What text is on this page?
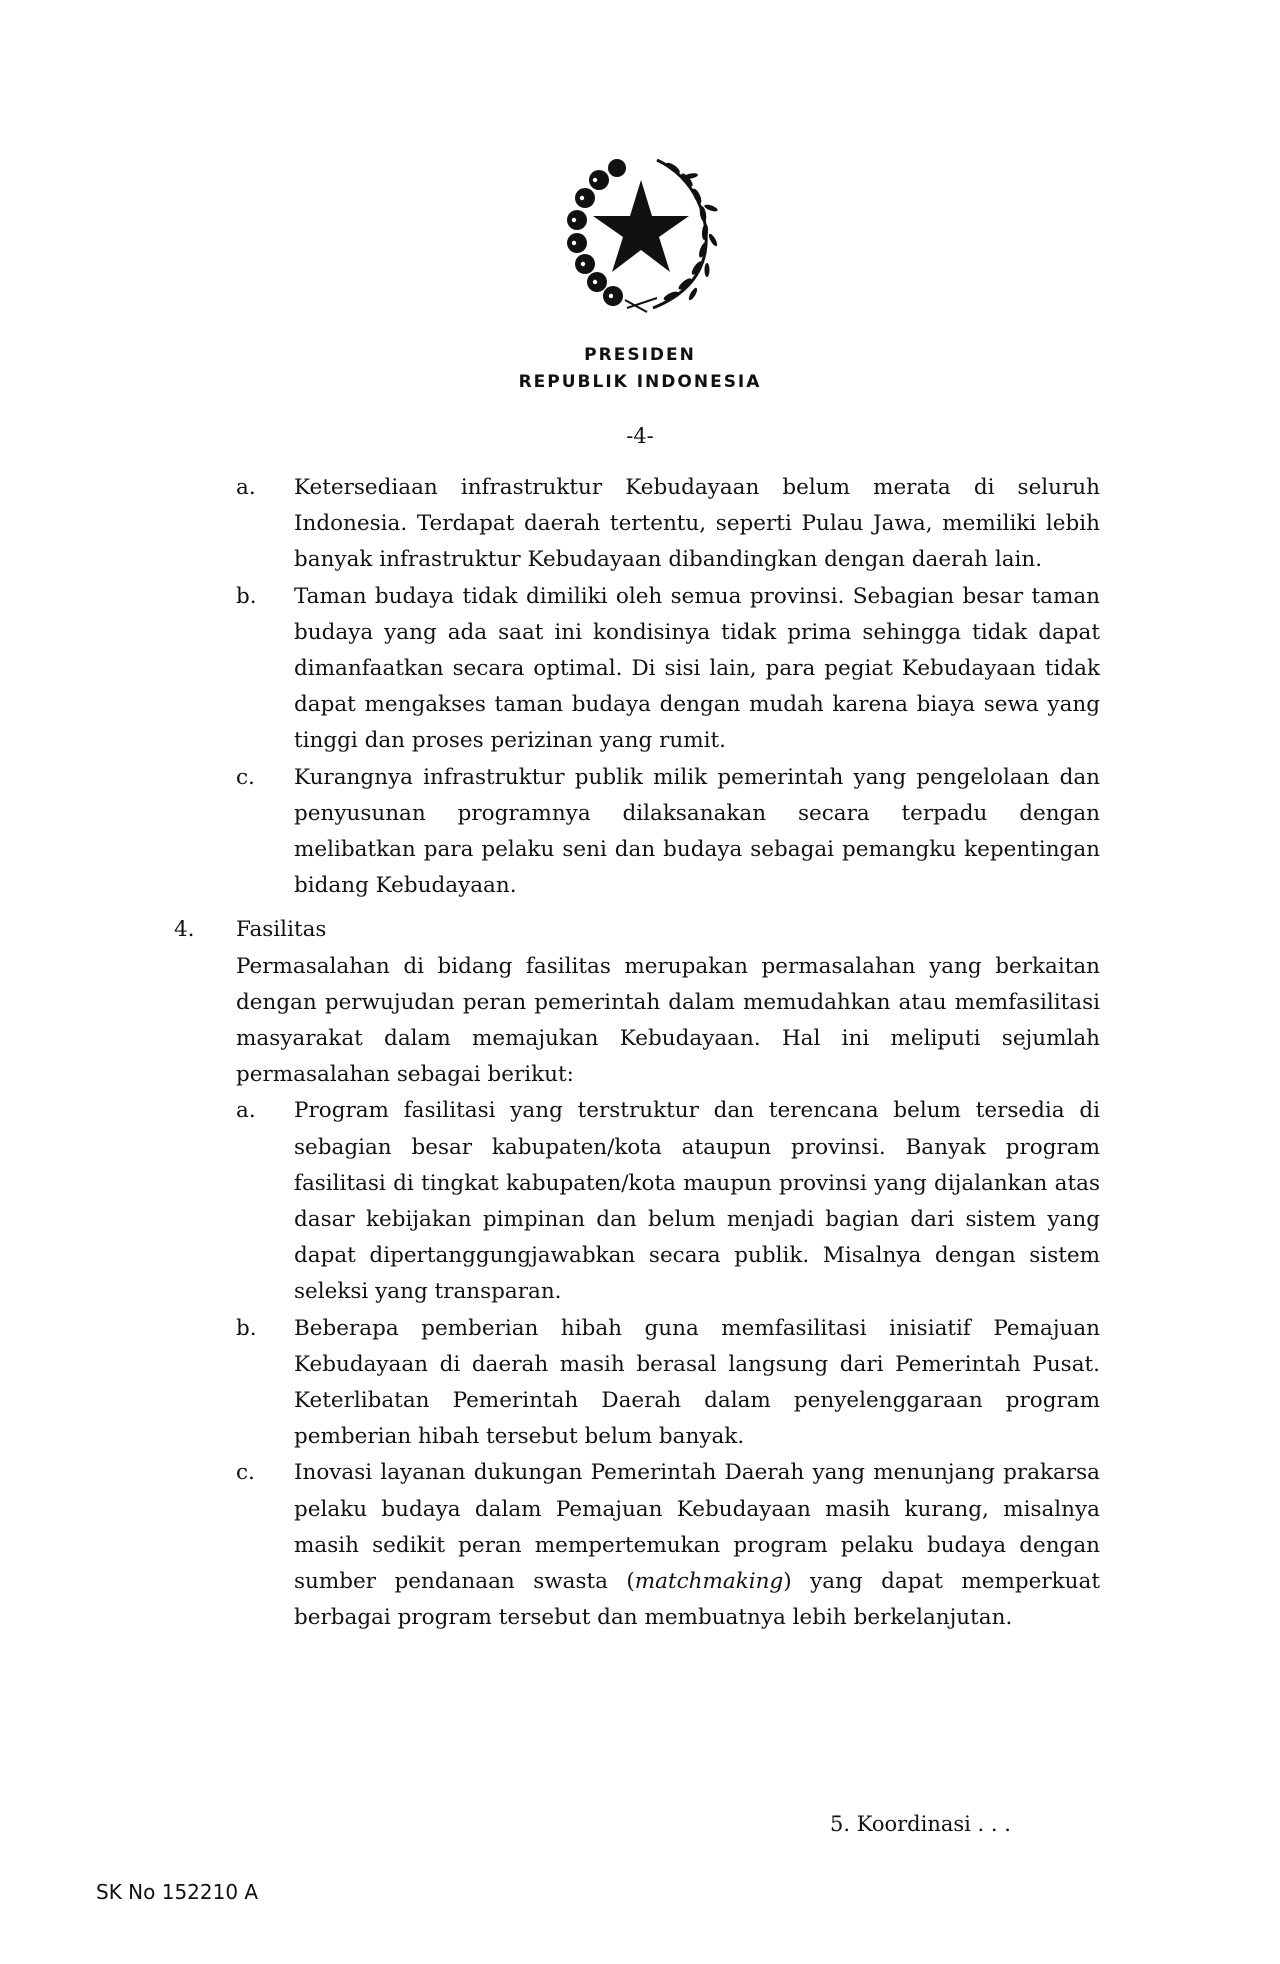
PRESIDEN
REPUBLIK INDONESIA
-4-
a. Ketersediaan infrastruktur Kebudayaan belum merata di seluruh Indonesia. Terdapat daerah tertentu, seperti Pulau Jawa, memiliki lebih banyak infrastruktur Kebudayaan dibandingkan dengan daerah lain.
b. Taman budaya tidak dimiliki oleh semua provinsi. Sebagian besar taman budaya yang ada saat ini kondisinya tidak prima sehingga tidak dapat dimanfaatkan secara optimal. Di sisi lain, para pegiat Kebudayaan tidak dapat mengakses taman budaya dengan mudah karena biaya sewa yang tinggi dan proses perizinan yang rumit.
c. Kurangnya infrastruktur publik milik pemerintah yang pengelolaan dan penyusunan programnya dilaksanakan secara terpadu dengan melibatkan para pelaku seni dan budaya sebagai pemangku kepentingan bidang Kebudayaan.
4. Fasilitas
Permasalahan di bidang fasilitas merupakan permasalahan yang berkaitan dengan perwujudan peran pemerintah dalam memudahkan atau memfasilitasi masyarakat dalam memajukan Kebudayaan. Hal ini meliputi sejumlah permasalahan sebagai berikut:
a. Program fasilitasi yang terstruktur dan terencana belum tersedia di sebagian besar kabupaten/kota ataupun provinsi. Banyak program fasilitasi di tingkat kabupaten/kota maupun provinsi yang dijalankan atas dasar kebijakan pimpinan dan belum menjadi bagian dari sistem yang dapat dipertanggungjawabkan secara publik. Misalnya dengan sistem seleksi yang transparan.
b. Beberapa pemberian hibah guna memfasilitasi inisiatif Pemajuan Kebudayaan di daerah masih berasal langsung dari Pemerintah Pusat. Keterlibatan Pemerintah Daerah dalam penyelenggaraan program pemberian hibah tersebut belum banyak.
c. Inovasi layanan dukungan Pemerintah Daerah yang menunjang prakarsa pelaku budaya dalam Pemajuan Kebudayaan masih kurang, misalnya masih sedikit peran mempertemukan program pelaku budaya dengan sumber pendanaan swasta (matchmaking) yang dapat memperkuat berbagai program tersebut dan membuatnya lebih berkelanjutan.
5. Koordinasi . . .
SK No 152210 A
